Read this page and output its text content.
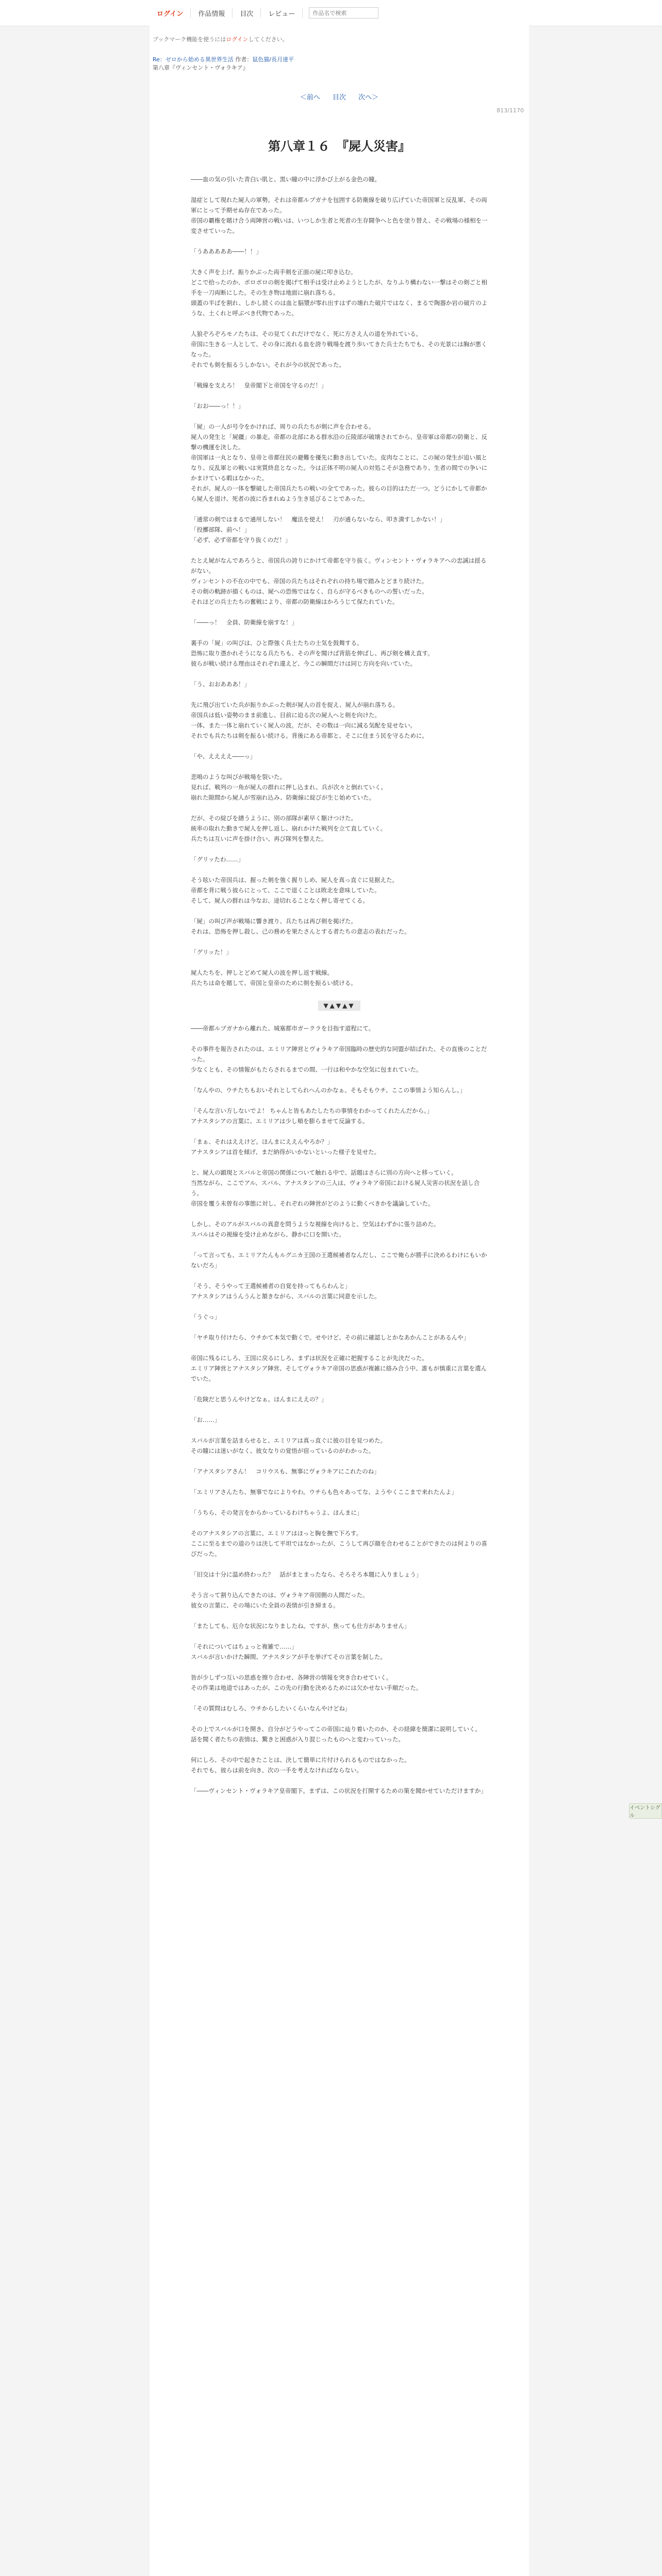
ログイン	作品情報	目次	レビュー
作品名で検索
ブックマーク機能を使うにはログインしてください。
Re：ゼロから始める異世界生活 作者：鼠色猫/長月達平
第八章『ヴィンセント・ヴォラキア』
＜前へ 目次 次へ＞
813/1170
第八章１６　『屍人災害』

――血の気の引いた青白い肌と、黒い瞳の中に浮かび上がる金色の瞳。

湿症として現れた屍人の軍勢。それは帝都ルプガナを包囲する防衛線を破り広げていた帝国軍と反乱軍、その両軍にとって予期せぬ存在であった。
帝国の覇権を賭け合う両陣営の戦いは、いつしか生者と死者の生存闘争へと色を塗り替え、その戦場の様相を一変させていった。

「うあああああ――！！」

大きく声を上げ、振りかぶった両手剣を正面の屍に叩き込む。
どこで拾ったのか、ボロボロの剣を掲げて相手は受け止めようとしたが、なりふり構わない一撃はその剣ごと相手を一刀両断にした。その生き物は地面に崩れ落ちる。
頭蓋の半ばを割れ、しかし続くのは血と脳漿が零れ出すはずの壊れた破片ではなく、まるで陶器か岩の破片のような、土くれと呼ぶべき代物であった。

人狼ぞろぞろモノたちは、その見てくれだけでなく、死に方さえ人の道を外れている。
帝国に生きる一人として、その身に流れる血を誇り戦場を渡り歩いてきた兵士たちでも、その光景には胸が悪くなった。
それでも剣を振るうしかない。それが今の状況であった。

「戦線を支えろ！　皇帝閣下と帝国を守るのだ！」

「おお――っ！！」

「屍」の一人が号令をかければ、周りの兵たちが剣に声を合わせる。
屍人の発生と「屍疆」の暴走。帝都の北部にある群水沿の丘陵部が破壊されてから、皇帝軍は帝都の防衛と、反撃の機運を決した。
帝国軍は一丸となり、皇帝と帝都住民の避難を優先に動き出していた。皮肉なことに、この屍の発生が追い風となり、反乱軍との戦いは実質終息となった。今は正体不明の屍人の対処こそが急務であり、生者の間での争いにかまけている暇はなかった。
それが、屍人の一体を撃破した帝国兵たちの戦いの全てであった。彼らの目的はただ一つ。どうにかして帝都から屍人を退け、死者の波に呑まれぬよう生き延びることであった。

「通常の剣ではまるで通用しない！　魔法を使え！　刃が通らないなら、叩き潰すしかない！」
「投擲部隊、前へ！」
「必ず、必ず帝都を守り抜くのだ！」

たとえ屍がなんであろうと、帝国兵の誇りにかけて帝都を守り抜く。ヴィンセント・ヴォラキアへの忠誠は揺るがない。
ヴィンセントの不在の中でも、帝国の兵たちはそれぞれの持ち場で踏みとどまり続けた。
その剣の軌跡が描くものは、屍への恐怖ではなく、自らが守るべきものへの誓いだった。
それほどの兵士たちの奮戦により、帝都の防衛線はかろうじて保たれていた。

「――っ！　全員、防衛線を崩すな！」

裏手の「屍」の叫びは、ひと際強く兵士たちの士気を鼓舞する。
恐怖に取り憑かれそうになる兵たちも、その声を聞けば背筋を伸ばし、再び剣を構え直す。
彼らが戦い続ける理由はそれぞれ違えど、今この瞬間だけは同じ方向を向いていた。

「う、おおあああ！」

先に飛び出ていた兵が振りかぶった剣が屍人の首を捉え、屍人が崩れ落ちる。
帝国兵は低い姿勢のまま前進し、目前に迫る次の屍人へと剣を向けた。
一体、また一体と崩れていく屍人の波。だが、その数は一向に減る気配を見せない。
それでも兵たちは剣を振るい続ける。背後にある帝都と、そこに住まう民を守るために。

「や、ええええ――っ」

悲鳴のような叫びが戦場を裂いた。
見れば、戦列の一角が屍人の群れに押し込まれ、兵が次々と倒れていく。
崩れた隙間から屍人が雪崩れ込み、防衛線に綻びが生じ始めていた。

だが、その綻びを繕うように、別の部隊が素早く駆けつけた。
統率の取れた動きで屍人を押し返し、崩れかけた戦列を立て直していく。
兵たちは互いに声を掛け合い、再び隊列を整えた。

「グリッたわ……」

そう呟いた帝国兵は、握った剣を強く握りしめ、屍人を真っ直ぐに見据えた。
帝都を背に戦う彼らにとって、ここで退くことは敗北を意味していた。
そして、屍人の群れは今なお、途切れることなく押し寄せてくる。

「屍」の叫び声が戦場に響き渡り、兵たちは再び剣を掲げた。
それは、恐怖を押し殺し、己の務めを果たさんとする者たちの意志の表れだった。

「グリッた！」

屍人たちを、押しとどめて屍人の波を押し返す戦線。
兵たちは命を賭して、帝国と皇帝のために剣を振るい続ける。

▼▲▼▲▼

――帝都ルプガナから離れた、城塞都市ガークラを目指す道程にて。

その事件を報告されたのは、エミリア陣営とヴォラキア帝国臨時の歴史的な同盟が結ばれた、その直後のことだった。
少なくとも、その情報がもたらされるまでの間、一行は和やかな空気に包まれていた。

「なんやの、ウチたちもおいそれとしてられへんのかなぁ。そもそもウチ、ここの事情よう知らんし。」

「そんな言い方しないでよ！ ちゃんと皆もあたしたちの事情をわかってくれたんだから。」
アナスタシアの言葉に、エミリアは少し頬を膨らませて反論する。

「まぁ、それはええけど。ほんまにええんやろか？」
アナスタシアは首を傾げ、まだ納得がいかないといった様子を見せた。

と、屍人の顕現とスバルと帝国の関係について触れる中で、話題はさらに別の方向へと移っていく。
当然ながら、ここでアル、スバル、アナスタシアの三人は、ヴォラキア帝国における屍人災害の状況を話し合う。
帝国を覆う未曽有の事態に対し、それぞれの陣営がどのように動くべきかを議論していた。

しかし、そのアルがスバルの真意を問うような視線を向けると、空気はわずかに張り詰めた。
スバルはその視線を受け止めながら、静かに口を開いた。

「って言っても、エミリアたんもルグニカ王国の王選候補者なんだし、ここで俺らが勝手に決めるわけにもいかないだろ」

「そう、そうやって王選候補者の自覚を持ってもらわんと」
アナスタシアはうんうんと頷きながら、スバルの言葉に同意を示した。

「うぐっ」

「ヤチ取り付けたら、ウチかて本気で動くで。せやけど、その前に確認しとかなあかんことがあるんや」

帝国に残るにしろ、王国に戻るにしろ、まずは状況を正確に把握することが先決だった。
エミリア陣営とアナスタシア陣営、そしてヴォラキア帝国の思惑が複雑に絡み合う中、誰もが慎重に言葉を選んでいた。

「危険だと思うんやけどなぁ。ほんまにええの？」

「お……」

スバルが言葉を詰まらせると、エミリアは真っ直ぐに彼の目を見つめた。
その瞳には迷いがなく、彼女なりの覚悟が宿っているのがわかった。

「アナスタシアさん！　コリウスも、無事にヴォラキアにこれたのね」

「エミリアさんたち、無事でなによりやわ。ウチらも色々あってな、ようやくここまで来れたんよ」

「うちら、その発言をからかっているわけちゃうよ、ほんまに」

そのアナスタシアの言葉に、エミリアはほっと胸を撫で下ろす。
ここに至るまでの道のりは決して平坦ではなかったが、こうして再び顔を合わせることができたのは何よりの喜びだった。

「旧交は十分に温め終わった？　話がまとまったなら、そろそろ本題に入りましょう」

そう言って割り込んできたのは、ヴォラキア帝国側の人間だった。
彼女の言葉に、その場にいた全員の表情が引き締まる。

「またしても、厄介な状況になりましたね。ですが、焦っても仕方がありません」

「それについてはちょっと複雑で……」
スバルが言いかけた瞬間、アナスタシアが手を挙げてその言葉を制した。

皆が少しずつ互いの思惑を擦り合わせ、各陣営の情報を突き合わせていく。
その作業は地道ではあったが、この先の行動を決めるためには欠かせない手順だった。

「その質問はむしろ、ウチからしたいくらいなんやけどね」

その上でスバルが口を開き、自分がどうやってこの帝国に辿り着いたのか、その経緯を簡潔に説明していく。
話を聞く者たちの表情は、驚きと困惑が入り混じったものへと変わっていった。

何にしろ、その中で起きたことは、決して簡単に片付けられるものではなかった。
それでも、彼らは前を向き、次の一手を考えなければならない。

「――ヴィンセント・ヴォラキア皇帝閣下。まずは、この状況を打開するための策を聞かせていただけますか」

イベントシグル
